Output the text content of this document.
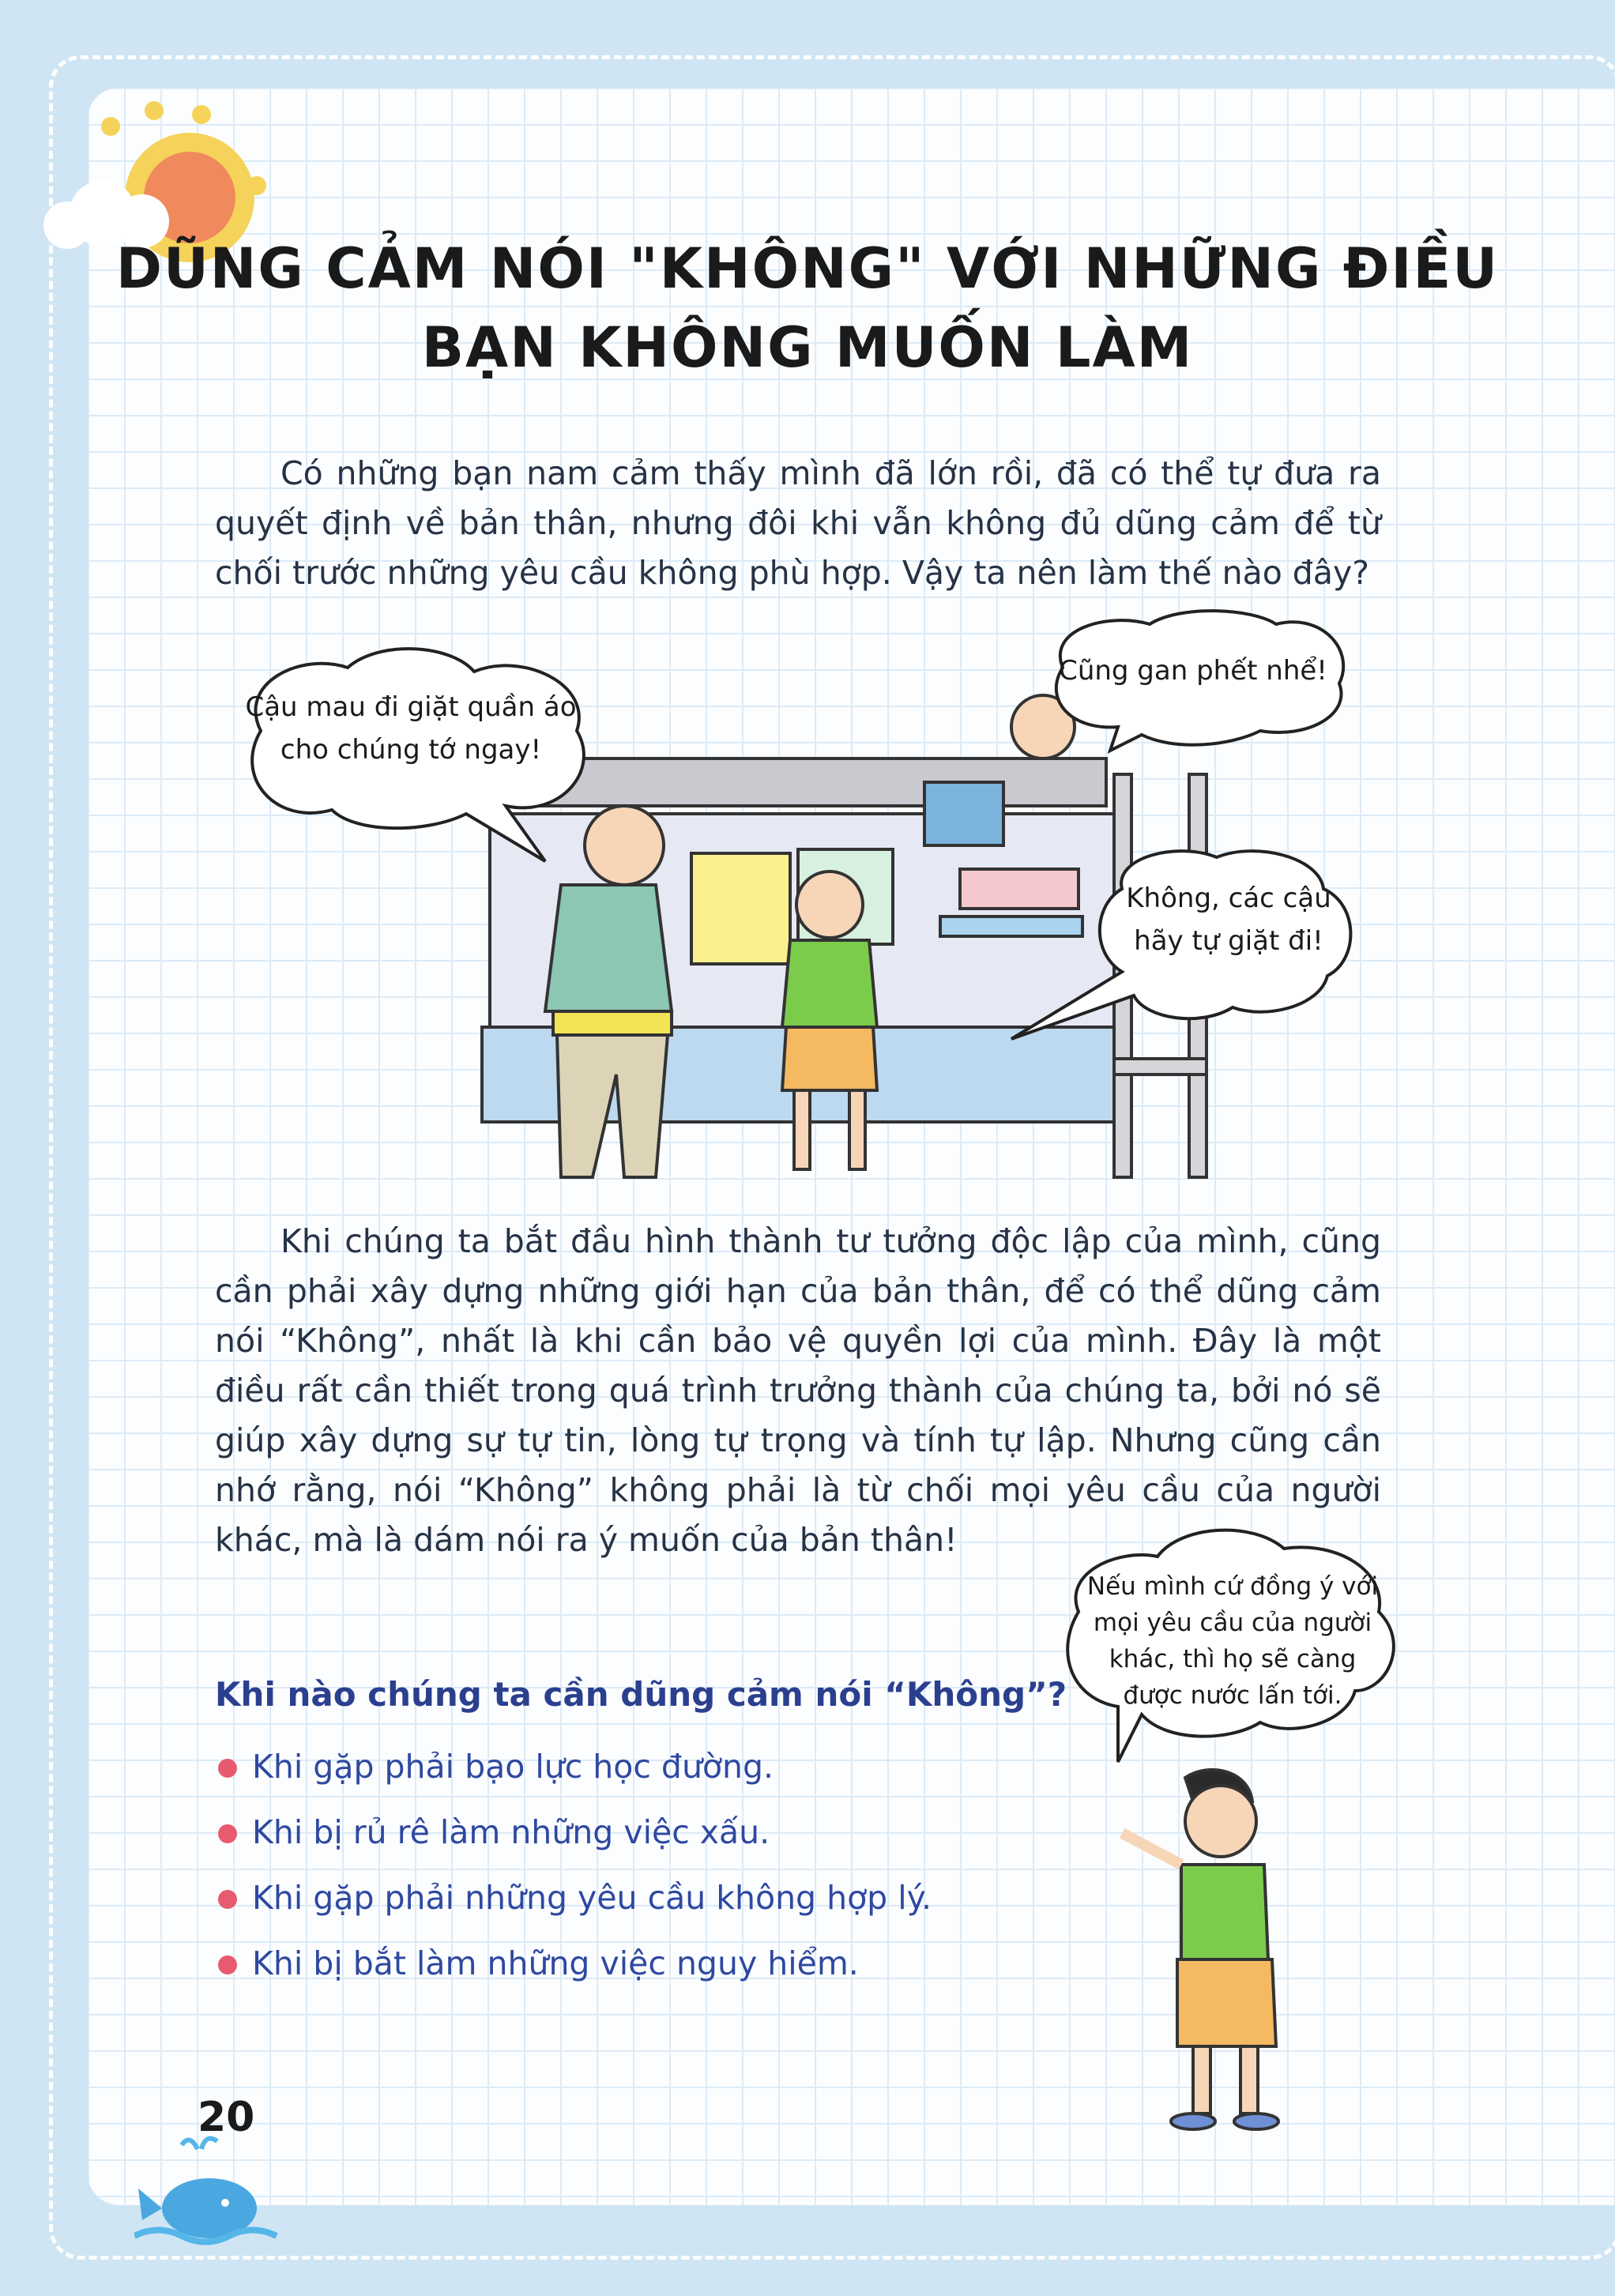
DŨNG CẢM NÓI "KHÔNG" VỚI NHỮNG ĐIỀU
BẠN KHÔNG MUỐN LÀM
Có những bạn nam cảm thấy mình đã lớn rồi, đã có thể tự đưa ra quyết định về bản thân, nhưng đôi khi vẫn không đủ dũng cảm để từ chối trước những yêu cầu không phù hợp. Vậy ta nên làm thế nào đây?
Cậu mau đi giặt quần áo
cho chúng tớ ngay!
Cũng gan phết nhể!
Không, các cậu
hãy tự giặt đi!
Khi chúng ta bắt đầu hình thành tư tưởng độc lập của mình, cũng cần phải xây dựng những giới hạn của bản thân, để có thể dũng cảm nói “Không”, nhất là khi cần bảo vệ quyền lợi của mình. Đây là một điều rất cần thiết trong quá trình trưởng thành của chúng ta, bởi nó sẽ giúp xây dựng sự tự tin, lòng tự trọng và tính tự lập. Nhưng cũng cần nhớ rằng, nói “Không” không phải là từ chối mọi yêu cầu của người khác, mà là dám nói ra ý muốn của bản thân!
Khi nào chúng ta cần dũng cảm nói “Không”?
Khi gặp phải bạo lực học đường.
Khi bị rủ rê làm những việc xấu.
Khi gặp phải những yêu cầu không hợp lý.
Khi bị bắt làm những việc nguy hiểm.
Nếu mình cứ đồng ý với
mọi yêu cầu của người
khác, thì họ sẽ càng
được nước lấn tới.
20
